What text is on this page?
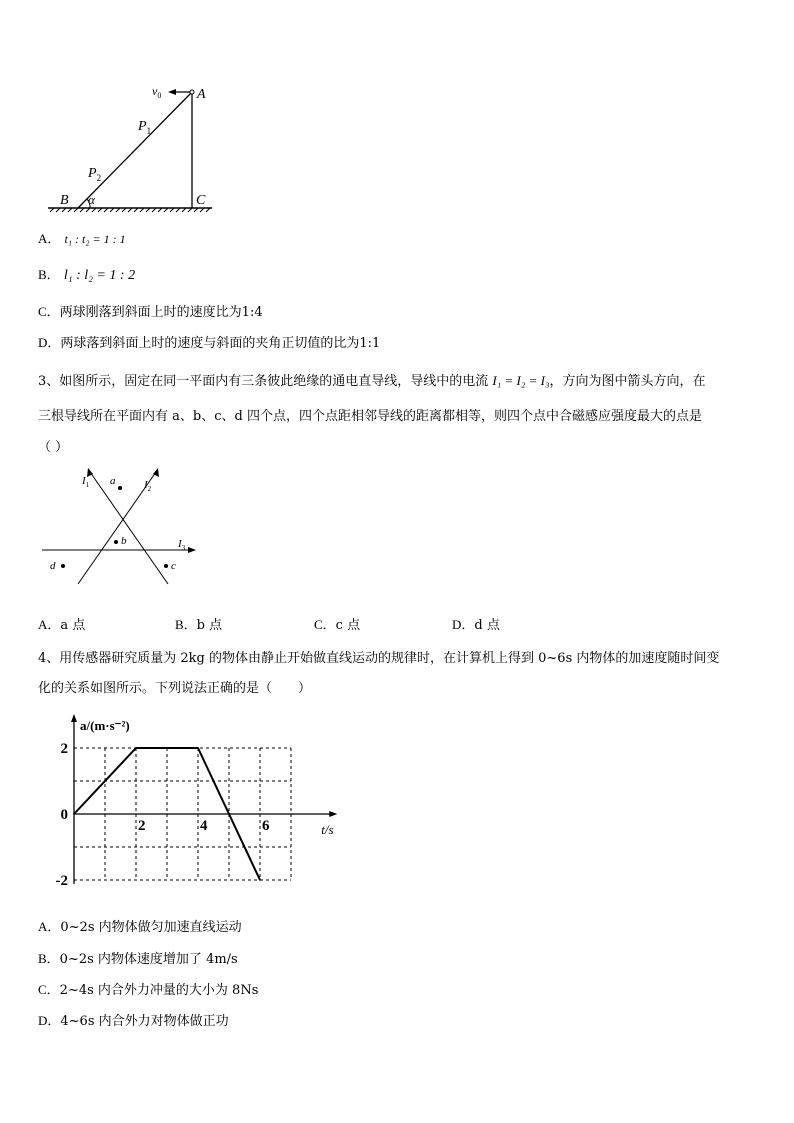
$v_0$	A
$P_1$
$P_2$
B α	C
A． t₁ : t₂ = 1 : 1
B． l₁ : l₂ = 1 : 2
C．两球刚落到斜面上时的速度比为1:4
D．两球落到斜面上时的速度与斜面的夹角正切值的比为1:1
3、如图所示，固定在同一平面内有三条彼此绝缘的通电直导线，导线中的电流 I₁ = I₂ = I₃，方向为图中箭头方向，在
三根导线所在平面内有 a、b、c、d 四个点，四个点距相邻导线的距离都相等，则四个点中合磁感应强度最大的点是
（ ）
$I_1$	$I_2$
$I_3$
a
b
d	c
A．a 点	B．b 点	C．c 点	D．d 点
4、用传感器研究质量为 2kg 的物体由静止开始做直线运动的规律时，在计算机上得到 0~6s 内物体的加速度随时间变
化的关系如图所示。下列说法正确的是（　　）
a/(m·s⁻²)
t/s
2	4	6
2
0
-2
A．0~2s 内物体做匀加速直线运动
B．0~2s 内物体速度增加了 4m/s
C．2~4s 内合外力冲量的大小为 8Ns
D．4~6s 内合外力对物体做正功
